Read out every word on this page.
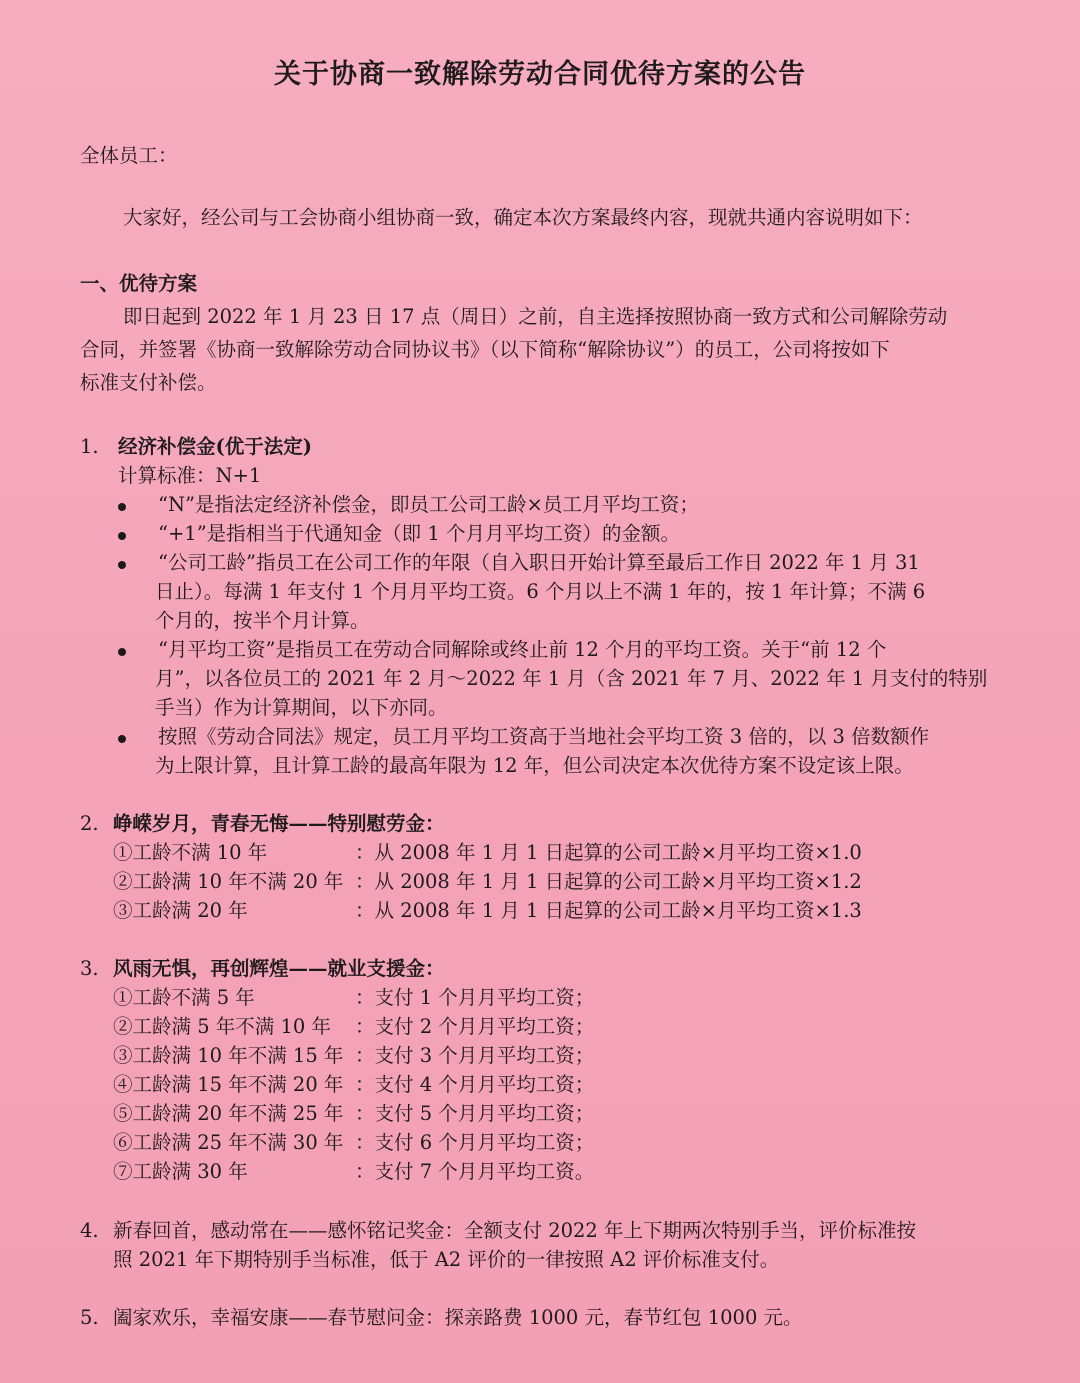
关于协商一致解除劳动合同优待方案的公告
全体员工：
大家好，经公司与工会协商小组协商一致，确定本次方案最终内容，现就共通内容说明如下：
一、优待方案
即日起到 2022 年 1 月 23 日 17 点（周日）之前，自主选择按照协商一致方式和公司解除劳动
合同，并签署《协商一致解除劳动合同协议书》（以下简称“解除协议”）的员工，公司将按如下
标准支付补偿。
1. 经济补偿金(优于法定)
计算标准：N+1
“N”是指法定经济补偿金，即员工公司工龄×员工月平均工资；
“+1”是指相当于代通知金（即 1 个月月平均工资）的金额。
“公司工龄”指员工在公司工作的年限（自入职日开始计算至最后工作日 2022 年 1 月 31
日止）。每满 1 年支付 1 个月月平均工资。6 个月以上不满 1 年的，按 1 年计算；不满 6
个月的，按半个月计算。
“月平均工资”是指员工在劳动合同解除或终止前 12 个月的平均工资。关于“前 12 个
月”，以各位员工的 2021 年 2 月～2022 年 1 月（含 2021 年 7 月、2022 年 1 月支付的特别
手当）作为计算期间，以下亦同。
按照《劳动合同法》规定，员工月平均工资高于当地社会平均工资 3 倍的，以 3 倍数额作
为上限计算，且计算工龄的最高年限为 12 年，但公司决定本次优待方案不设定该上限。
2. 峥嵘岁月，青春无悔——特别慰劳金：
①工龄不满 10 年	：从 2008 年 1 月 1 日起算的公司工龄×月平均工资×1.0
②工龄满 10 年不满 20 年 ：从 2008 年 1 月 1 日起算的公司工龄×月平均工资×1.2
③工龄满 20 年	：从 2008 年 1 月 1 日起算的公司工龄×月平均工资×1.3
3. 风雨无惧，再创辉煌——就业支援金：
①工龄不满 5 年	：支付 1 个月月平均工资；
②工龄满 5 年不满 10 年 ：支付 2 个月月平均工资；
③工龄满 10 年不满 15 年 ：支付 3 个月月平均工资；
④工龄满 15 年不满 20 年 ：支付 4 个月月平均工资；
⑤工龄满 20 年不满 25 年 ：支付 5 个月月平均工资；
⑥工龄满 25 年不满 30 年 ：支付 6 个月月平均工资；
⑦工龄满 30 年	：支付 7 个月月平均工资。
4. 新春回首，感动常在——感怀铭记奖金：全额支付 2022 年上下期两次特别手当，评价标准按
照 2021 年下期特别手当标准，低于 A2 评价的一律按照 A2 评价标准支付。
5. 阖家欢乐，幸福安康——春节慰问金：探亲路费 1000 元，春节红包 1000 元。
